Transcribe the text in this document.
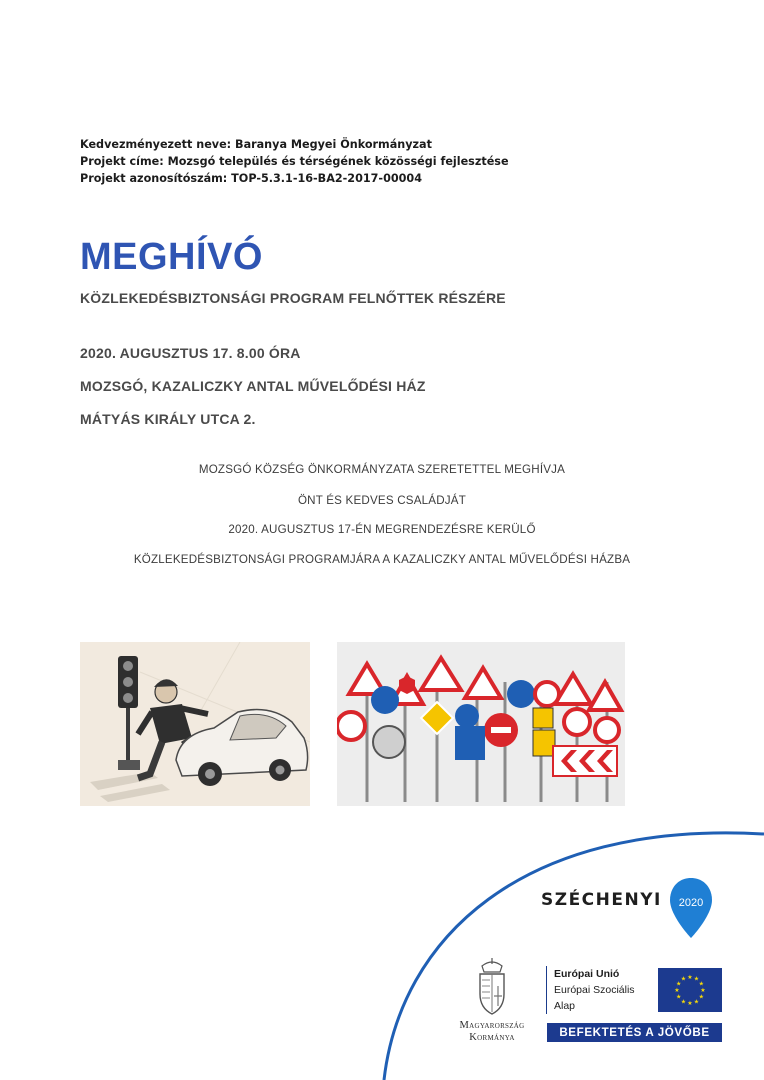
Kedvezményezett neve: Baranya Megyei Önkormányzat
Projekt címe: Mozsgó település és térségének közösségi fejlesztése
Projekt azonosítószám: TOP-5.3.1-16-BA2-2017-00004
MEGHÍVÓ
KÖZLEKEDÉSBIZTONSÁGI PROGRAM FELNŐTTEK RÉSZÉRE
2020. AUGUSZTUS 17. 8.00 ÓRA
MOZSGÓ, KAZALICZKY ANTAL MŰVELŐDÉSI HÁZ
MÁTYÁS KIRÁLY UTCA 2.
MOZSGÓ KÖZSÉG ÖNKORMÁNYZATA SZERETETTEL MEGHÍVJA
ÖNT ÉS KEDVES CSALÁDJÁT
2020. AUGUSZTUS 17-ÉN MEGRENDEZÉSRE KERÜLŐ
KÖZLEKEDÉSBIZTONSÁGI PROGRAMJÁRA A KAZALICZKY ANTAL MŰVELŐDÉSI HÁZBA
SZÉCHENYI 2020
Magyarország
Kormánya
Európai Unió
Európai Szociális
Alap
★
★
★
★
★
★
★
★
★ ★ ★
★
BEFEKTETÉS A JÖVŐBE
